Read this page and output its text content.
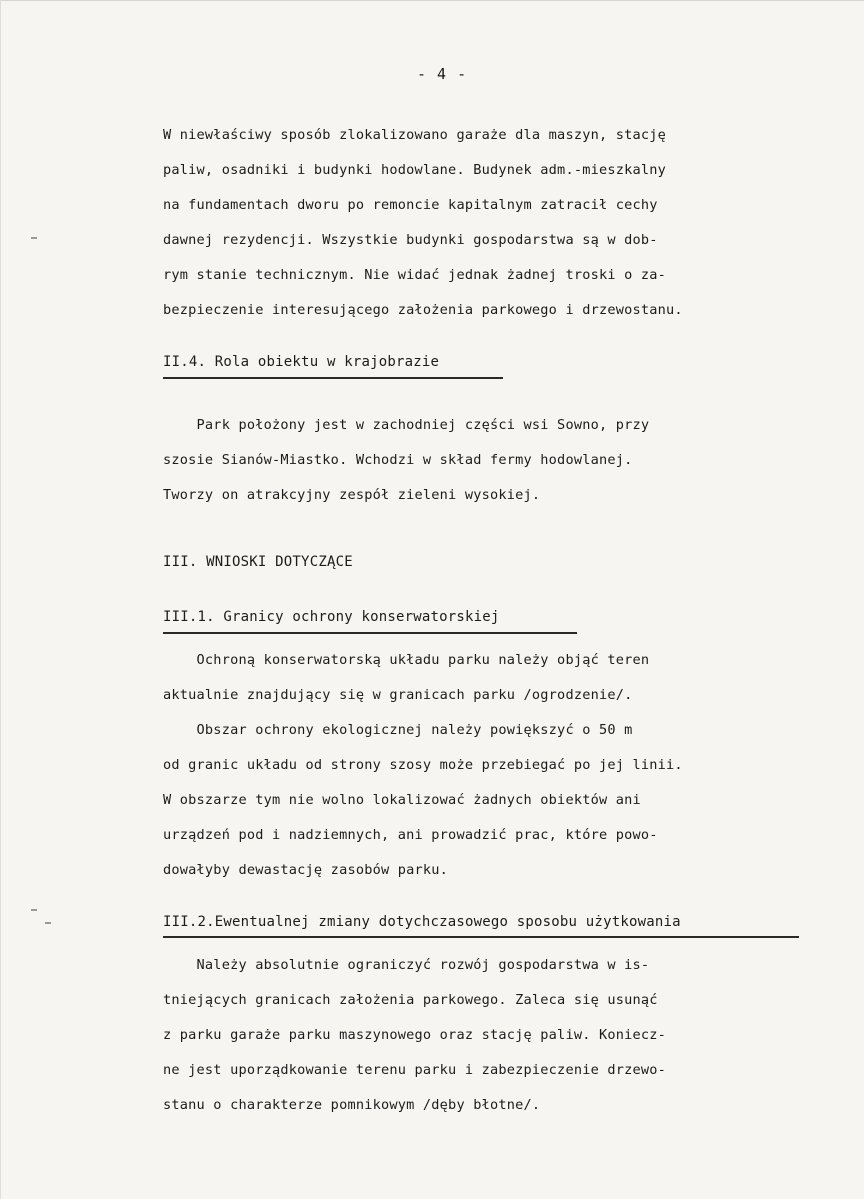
- 4 -
W niewłaściwy sposób zlokalizowano garaże dla maszyn, stację
paliw, osadniki i budynki hodowlane. Budynek adm.-mieszkalny
na fundamentach dworu po remoncie kapitalnym zatracił cechy
dawnej rezydencji. Wszystkie budynki gospodarstwa są w dob-
rym stanie technicznym. Nie widać jednak żadnej troski o za-
bezpieczenie interesującego założenia parkowego i drzewostanu.
II.4. Rola obiektu w krajobrazie
Park położony jest w zachodniej części wsi Sowno, przy
szosie Sianów-Miastko. Wchodzi w skład fermy hodowlanej.
Tworzy on atrakcyjny zespół zieleni wysokiej.
III. WNIOSKI DOTYCZĄCE
III.1. Granicy ochrony konserwatorskiej
Ochroną konserwatorską układu parku należy objąć teren
aktualnie znajdujący się w granicach parku /ogrodzenie/.
Obszar ochrony ekologicznej należy powiększyć o 50 m
od granic układu od strony szosy może przebiegać po jej linii.
W obszarze tym nie wolno lokalizować żadnych obiektów ani
urządzeń pod i nadziemnych, ani prowadzić prac, które powo-
dowałyby dewastację zasobów parku.
III.2.Ewentualnej zmiany dotychczasowego sposobu użytkowania
Należy absolutnie ograniczyć rozwój gospodarstwa w is-
tniejących granicach założenia parkowego. Zaleca się usunąć
z parku garaże parku maszynowego oraz stację paliw. Koniecz-
ne jest uporządkowanie terenu parku i zabezpieczenie drzewo-
stanu o charakterze pomnikowym /dęby błotne/.
